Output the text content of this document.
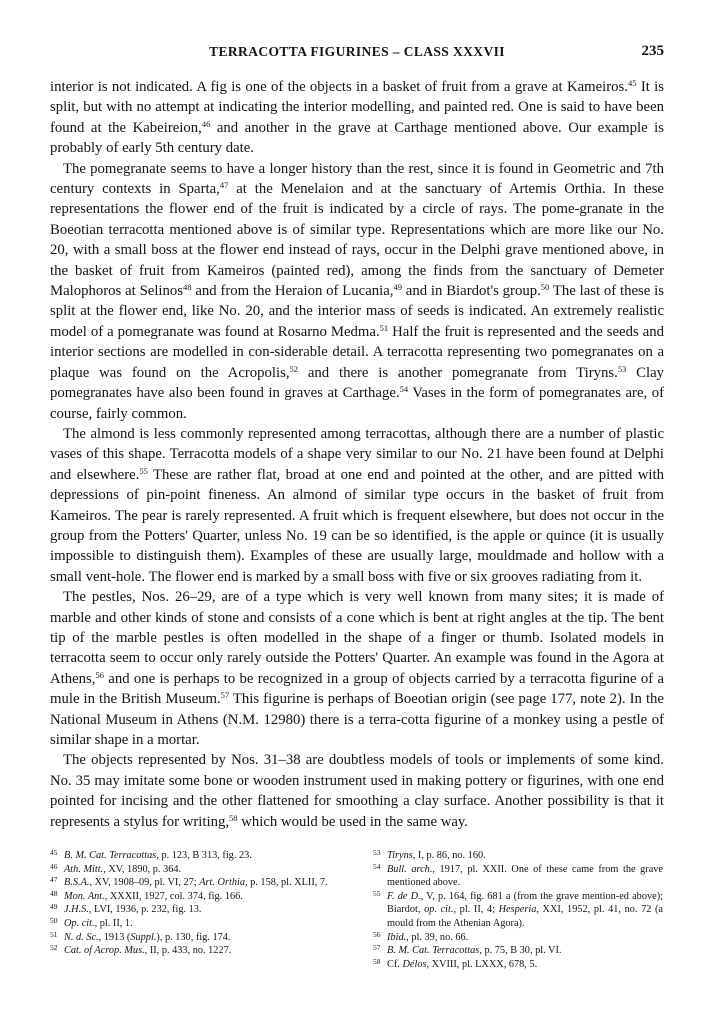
TERRACOTTA FIGURINES – CLASS XXXVII	235

interior is not indicated. A fig is one of the objects in a basket of fruit from a grave at Kameiros.$^{45}$ It is split, but with no attempt at indicating the interior modelling, and painted red. One is said to have been found at the Kabeireion,$^{46}$ and another in the grave at Carthage mentioned above. Our example is probably of early 5th century date.

The pomegranate seems to have a longer history than the rest, since it is found in Geometric and 7th century contexts in Sparta,$^{47}$ at the Menelaion and at the sanctuary of Artemis Orthia. In these representations the flower end of the fruit is indicated by a circle of rays. The pome-granate in the Boeotian terracotta mentioned above is of similar type. Representations which are more like our No. 20, with a small boss at the flower end instead of rays, occur in the Delphi grave mentioned above, in the basket of fruit from Kameiros (painted red), among the finds from the sanctuary of Demeter Malophoros at Selinos$^{48}$ and from the Heraion of Lucania,$^{49}$ and in Biardot's group.$^{50}$ The last of these is split at the flower end, like No. 20, and the interior mass of seeds is indicated. An extremely realistic model of a pomegranate was found at Rosarno Medma.$^{51}$ Half the fruit is represented and the seeds and interior sections are modelled in con-siderable detail. A terracotta representing two pomegranates on a plaque was found on the Acropolis,$^{52}$ and there is another pomegranate from Tiryns.$^{53}$ Clay pomegranates have also been found in graves at Carthage.$^{54}$ Vases in the form of pomegranates are, of course, fairly common.

The almond is less commonly represented among terracottas, although there are a number of plastic vases of this shape. Terracotta models of a shape very similar to our No. 21 have been found at Delphi and elsewhere.$^{55}$ These are rather flat, broad at one end and pointed at the other, and are pitted with depressions of pin-point fineness. An almond of similar type occurs in the basket of fruit from Kameiros. The pear is rarely represented. A fruit which is frequent elsewhere, but does not occur in the group from the Potters' Quarter, unless No. 19 can be so identified, is the apple or quince (it is usually impossible to distinguish them). Examples of these are usually large, mouldmade and hollow with a small vent-hole. The flower end is marked by a small boss with five or six grooves radiating from it.

The pestles, Nos. 26–29, are of a type which is very well known from many sites; it is made of marble and other kinds of stone and consists of a cone which is bent at right angles at the tip. The bent tip of the marble pestles is often modelled in the shape of a finger or thumb. Isolated models in terracotta seem to occur only rarely outside the Potters' Quarter. An example was found in the Agora at Athens,$^{56}$ and one is perhaps to be recognized in a group of objects carried by a terracotta figurine of a mule in the British Museum.$^{57}$ This figurine is perhaps of Boeotian origin (see page 177, note 2). In the National Museum in Athens (N.M. 12980) there is a terra-cotta figurine of a monkey using a pestle of similar shape in a mortar.

The objects represented by Nos. 31–38 are doubtless models of tools or implements of some kind. No. 35 may imitate some bone or wooden instrument used in making pottery or figurines, with one end pointed for incising and the other flattened for smoothing a clay surface. Another possibility is that it represents a stylus for writing,$^{58}$ which would be used in the same way.

45 B. M. Cat. Terracottas, p. 123, B 313, fig. 23.
46 Ath. Mitt., XV, 1890, p. 364.
47 B.S.A., XV, 1908–09, pl. VI, 27; Art. Orthia, p. 158, pl. XLII, 7.
48 Mon. Ant., XXXII, 1927, col. 374, fig. 166.
49 J.H.S., LVI, 1936, p. 232, fig. 13.
50 Op. cit., pl. II, 1.
51 N. d. Sc., 1913 (Suppl.), p. 130, fig. 174.
52 Cat. of Acrop. Mus., II, p. 433, no. 1227.
53 Tiryns, I, p. 86, no. 160.
54 Bull. arch., 1917, pl. XXII. One of these came from the grave mentioned above.
55 F. de D., V, p. 164, fig. 681 a (from the grave mention-ed above); Biardot, op. cit., pl. II, 4; Hesperia, XXI, 1952, pl. 41, no. 72 (a mould from the Athenian Agora).
56 Ibid., pl. 39, no. 66.
57 B. M. Cat. Terracottas, p. 75, B 30, pl. VI.
58 Cf. Délos, XVIII, pl. LXXX, 678, 5.
